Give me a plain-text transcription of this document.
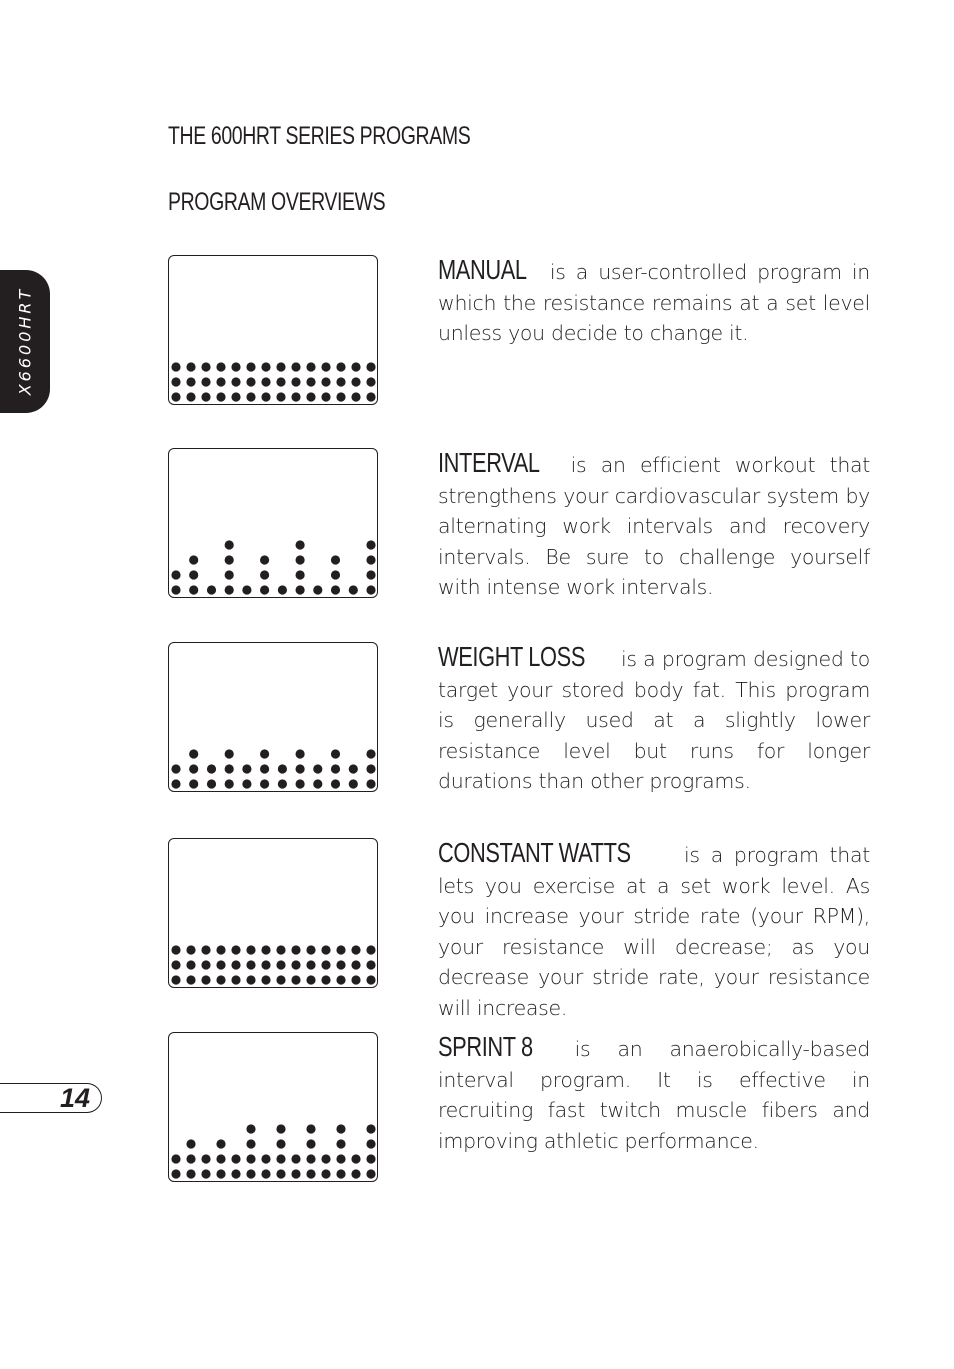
THE 600HRT SERIES PROGRAMS
PROGRAM OVERVIEWS
X6600HRT
14

MANUAL is a user-controlled program in which the resistance remains at a set level unless you decide to change it.

INTERVAL is an efficient workout that strengthens your cardiovascular system by alternating work intervals and recovery intervals. Be sure to challenge yourself with intense work intervals.

WEIGHT LOSS is a program designed to target your stored body fat. This program is generally used at a slightly lower resistance level but runs for longer durations than other programs.

CONSTANT WATTS	is a program that lets you exercise at a set work level. As you increase your stride rate (your RPM), your resistance will decrease; as you decrease your stride rate, your resistance will increase.

SPRINT 8 is an anaerobically-based interval program. It is effective in recruiting fast twitch muscle fibers and improving athletic performance.
